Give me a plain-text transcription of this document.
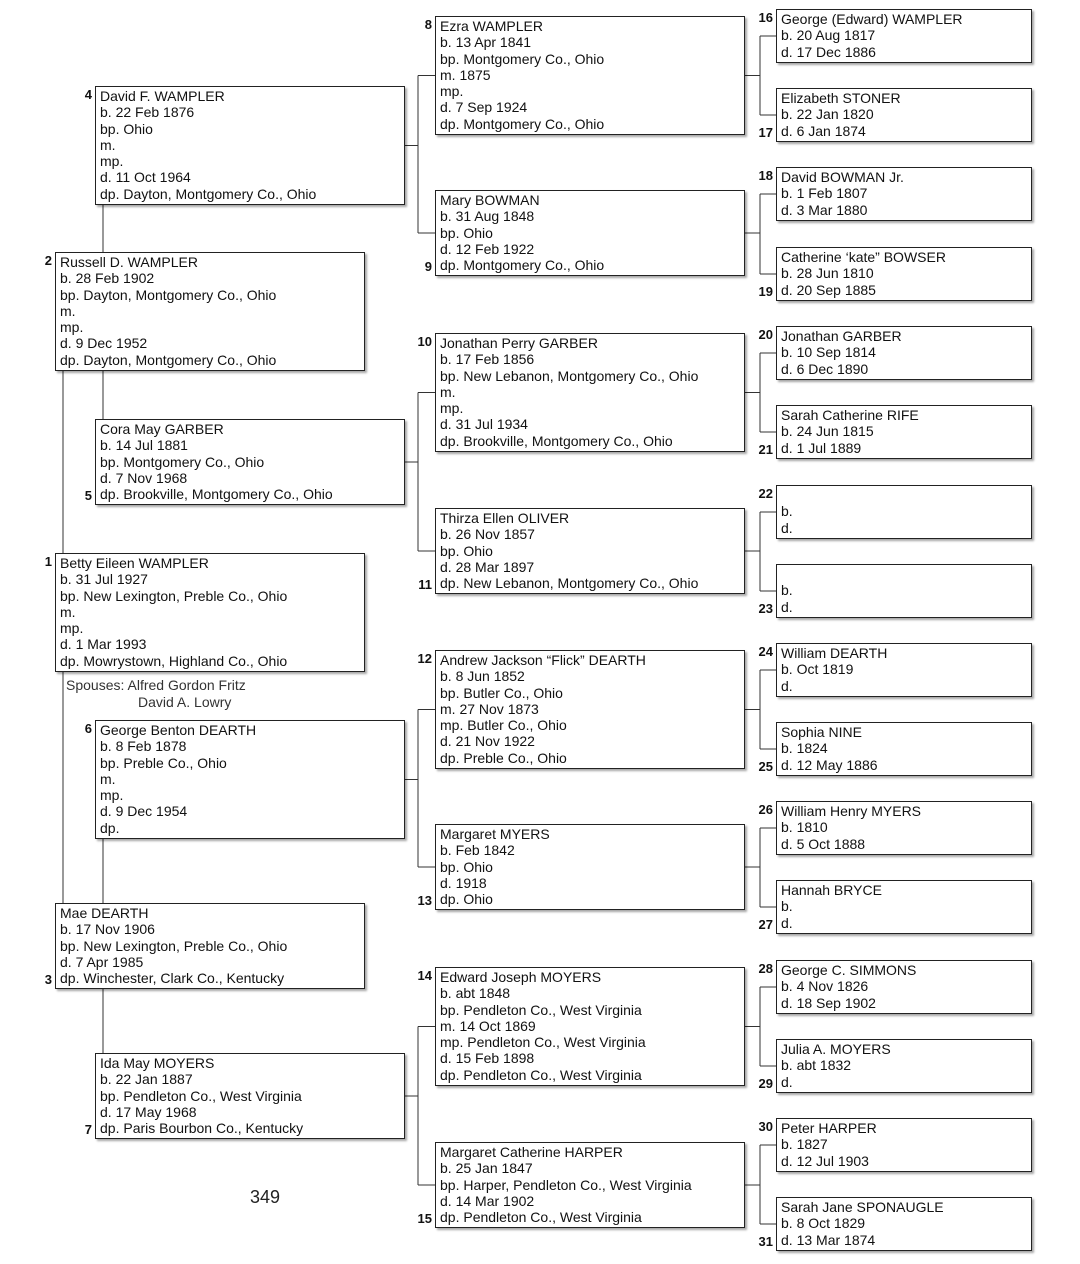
Betty Eileen WAMPLER
b. 31 Jul 1927
bp. New Lexington, Preble Co., Ohio
m.
mp.
d. 1 Mar 1993
dp. Mowrystown, Highland Co., Ohio
1
Russell D. WAMPLER
b. 28 Feb 1902
bp. Dayton, Montgomery Co., Ohio
m.
mp.
d. 9 Dec 1952
dp. Dayton, Montgomery Co., Ohio
2
Mae DEARTH
b. 17 Nov 1906
bp. New Lexington, Preble Co., Ohio
d. 7 Apr 1985
dp. Winchester, Clark Co., Kentucky
3
David F. WAMPLER
b. 22 Feb 1876
bp. Ohio
m.
mp.
d. 11 Oct 1964
dp. Dayton, Montgomery Co., Ohio
4
Cora May GARBER
b. 14 Jul 1881
bp. Montgomery Co., Ohio
d. 7 Nov 1968
dp. Brookville, Montgomery Co., Ohio
5
George Benton DEARTH
b. 8 Feb 1878
bp. Preble Co., Ohio
m.
mp.
d. 9 Dec 1954
dp.
6
Ida May MOYERS
b. 22 Jan 1887
bp. Pendleton Co., West Virginia
d. 17 May 1968
dp. Paris Bourbon Co., Kentucky
7
Ezra WAMPLER
b. 13 Apr 1841
bp. Montgomery Co., Ohio
m. 1875
mp.
d. 7 Sep 1924
dp. Montgomery Co., Ohio
8
Mary BOWMAN
b. 31 Aug 1848
bp. Ohio
d. 12 Feb 1922
dp. Montgomery Co., Ohio
9
Jonathan Perry GARBER
b. 17 Feb 1856
bp. New Lebanon, Montgomery Co., Ohio
m.
mp.
d. 31 Jul 1934
dp. Brookville, Montgomery Co., Ohio
10
Thirza Ellen OLIVER
b. 26 Nov 1857
bp. Ohio
d. 28 Mar 1897
dp. New Lebanon, Montgomery Co., Ohio
11
Andrew Jackson “Flick” DEARTH
b. 8 Jun 1852
bp. Butler Co., Ohio
m. 27 Nov 1873
mp. Butler Co., Ohio
d. 21 Nov 1922
dp. Preble Co., Ohio
12
Margaret MYERS
b. Feb 1842
bp. Ohio
d. 1918
dp. Ohio
13
Edward Joseph MOYERS
b. abt 1848
bp. Pendleton Co., West Virginia
m. 14 Oct 1869
mp. Pendleton Co., West Virginia
d. 15 Feb 1898
dp. Pendleton Co., West Virginia
14
Margaret Catherine HARPER
b. 25 Jan 1847
bp. Harper, Pendleton Co., West Virginia
d. 14 Mar 1902
dp. Pendleton Co., West Virginia
15
George (Edward) WAMPLER
b. 20 Aug 1817
d. 17 Dec 1886
16
Elizabeth STONER
b. 22 Jan 1820
d. 6 Jan 1874
17
David BOWMAN Jr.
b. 1 Feb 1807
d. 3 Mar 1880
18
Catherine ‘kate” BOWSER
b. 28 Jun 1810
d. 20 Sep 1885
19
Jonathan GARBER
b. 10 Sep 1814
d. 6 Dec 1890
20
Sarah Catherine RIFE
b. 24 Jun 1815
d. 1 Jul 1889
21
b.
d.
22
b.
d.
23
William DEARTH
b. Oct 1819
d.
24
Sophia NINE
b. 1824
d. 12 May 1886
25
William Henry MYERS
b. 1810
d. 5 Oct 1888
26
Hannah BRYCE
b.
d.
27
George C. SIMMONS
b. 4 Nov 1826
d. 18 Sep 1902
28
Julia A. MOYERS
b. abt 1832
d.
29
Peter HARPER
b. 1827
d. 12 Jul 1903
30
Sarah Jane SPONAUGLE
b. 8 Oct 1829
d. 13 Mar 1874
31
Spouses: Alfred Gordon Fritz
David A. Lowry
349
